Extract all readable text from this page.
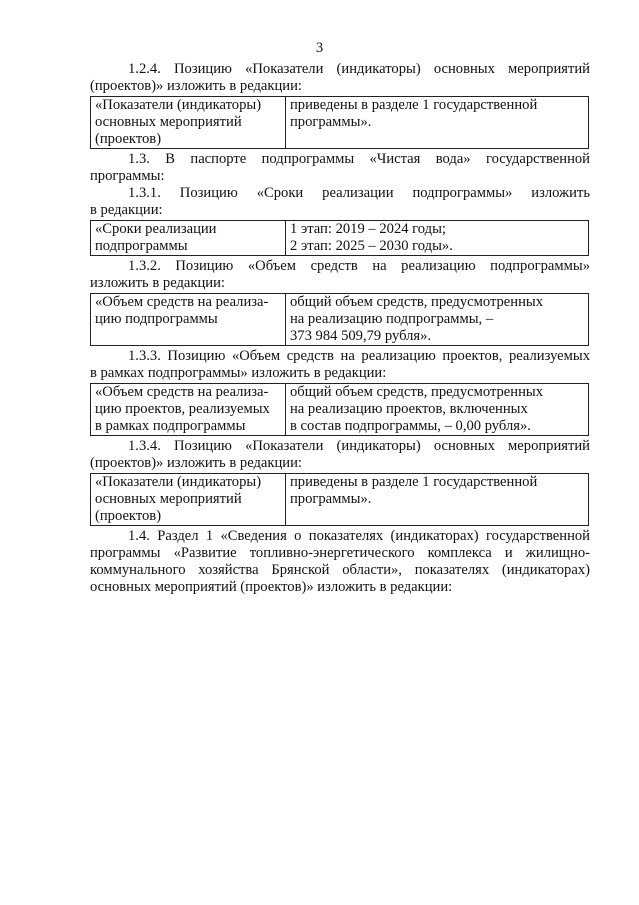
3
1.2.4. Позицию «Показатели (индикаторы) основных мероприятий
(проектов)» изложить в редакции:
«Показатели (индикаторы)
основных мероприятий
(проектов)

приведены в разделе 1 государственной
программы».
1.3. В паспорте подпрограммы «Чистая вода» государственной
программы:
1.3.1. Позицию «Сроки реализации подпрограммы» изложить
в редакции:
«Сроки реализации
подпрограммы

1 этап: 2019 – 2024 годы;
2 этап: 2025 – 2030 годы».
1.3.2. Позицию «Объем средств на реализацию подпрограммы»
изложить в редакции:
«Объем средств на реализа-
цию подпрограммы

общий объем средств, предусмотренных
на реализацию подпрограммы, –
373 984 509,79 рубля».
1.3.3. Позицию «Объем средств на реализацию проектов, реализуемых
в рамках подпрограммы» изложить в редакции:
«Объем средств на реализа-
цию проектов, реализуемых
в рамках подпрограммы

общий объем средств, предусмотренных
на реализацию проектов, включенных
в состав подпрограммы, – 0,00 рубля».
1.3.4. Позицию «Показатели (индикаторы) основных мероприятий
(проектов)» изложить в редакции:
«Показатели (индикаторы)
основных мероприятий
(проектов)

приведены в разделе 1 государственной
программы».
1.4. Раздел 1 «Сведения о показателях (индикаторах) государственной
программы «Развитие топливно-энергетического комплекса и жилищно-
коммунального хозяйства Брянской области», показателях (индикаторах)
основных мероприятий (проектов)» изложить в редакции:
